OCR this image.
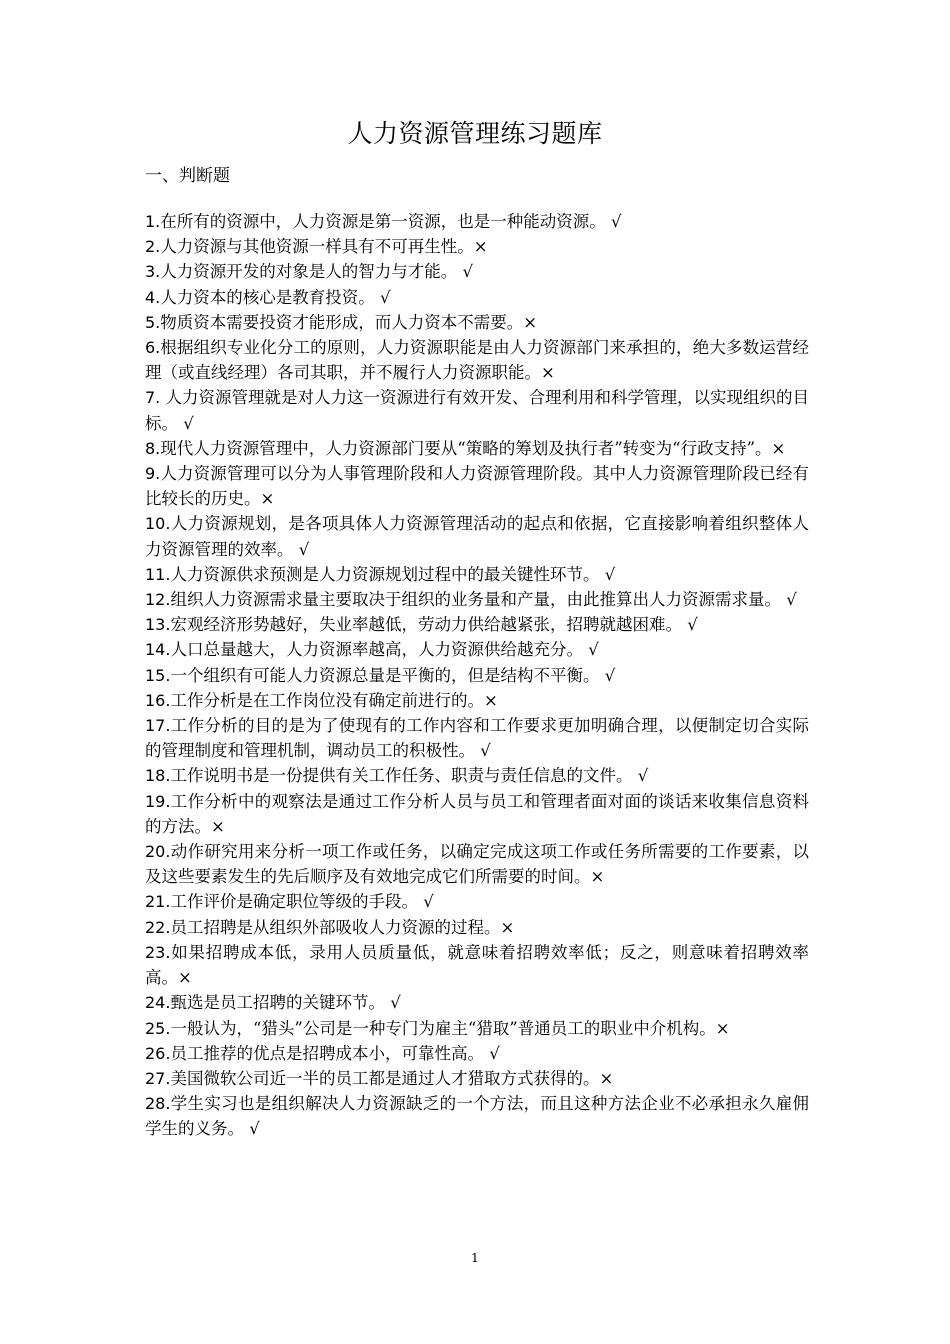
人力资源管理练习题库
一、判断题
1.在所有的资源中，人力资源是第一资源，也是一种能动资源。 √
2.人力资源与其他资源一样具有不可再生性。×
3.人力资源开发的对象是人的智力与才能。 √
4.人力资本的核心是教育投资。 √
5.物质资本需要投资才能形成，而人力资本不需要。×
6.根据组织专业化分工的原则，人力资源职能是由人力资源部门来承担的，绝大多数运营经理（或直线经理）各司其职，并不履行人力资源职能。×
7. 人力资源管理就是对人力这一资源进行有效开发、合理利用和科学管理，以实现组织的目标。 √
8.现代人力资源管理中，人力资源部门要从“策略的筹划及执行者”转变为“行政支持”。×
9.人力资源管理可以分为人事管理阶段和人力资源管理阶段。其中人力资源管理阶段已经有比较长的历史。×
10.人力资源规划，是各项具体人力资源管理活动的起点和依据，它直接影响着组织整体人力资源管理的效率。 √
11.人力资源供求预测是人力资源规划过程中的最关键性环节。 √
12.组织人力资源需求量主要取决于组织的业务量和产量，由此推算出人力资源需求量。 √
13.宏观经济形势越好，失业率越低，劳动力供给越紧张，招聘就越困难。 √
14.人口总量越大，人力资源率越高，人力资源供给越充分。 √
15.一个组织有可能人力资源总量是平衡的，但是结构不平衡。 √
16.工作分析是在工作岗位没有确定前进行的。×
17.工作分析的目的是为了使现有的工作内容和工作要求更加明确合理，以便制定切合实际的管理制度和管理机制，调动员工的积极性。 √
18.工作说明书是一份提供有关工作任务、职责与责任信息的文件。 √
19.工作分析中的观察法是通过工作分析人员与员工和管理者面对面的谈话来收集信息资料的方法。×
20.动作研究用来分析一项工作或任务，以确定完成这项工作或任务所需要的工作要素，以及这些要素发生的先后顺序及有效地完成它们所需要的时间。×
21.工作评价是确定职位等级的手段。 √
22.员工招聘是从组织外部吸收人力资源的过程。×
23.如果招聘成本低，录用人员质量低，就意味着招聘效率低；反之，则意味着招聘效率高。×
24.甄选是员工招聘的关键环节。 √
25.一般认为，“猎头”公司是一种专门为雇主“猎取”普通员工的职业中介机构。×
26.员工推荐的优点是招聘成本小，可靠性高。 √
27.美国微软公司近一半的员工都是通过人才猎取方式获得的。×
28.学生实习也是组织解决人力资源缺乏的一个方法，而且这种方法企业不必承担永久雇佣学生的义务。 √
1
